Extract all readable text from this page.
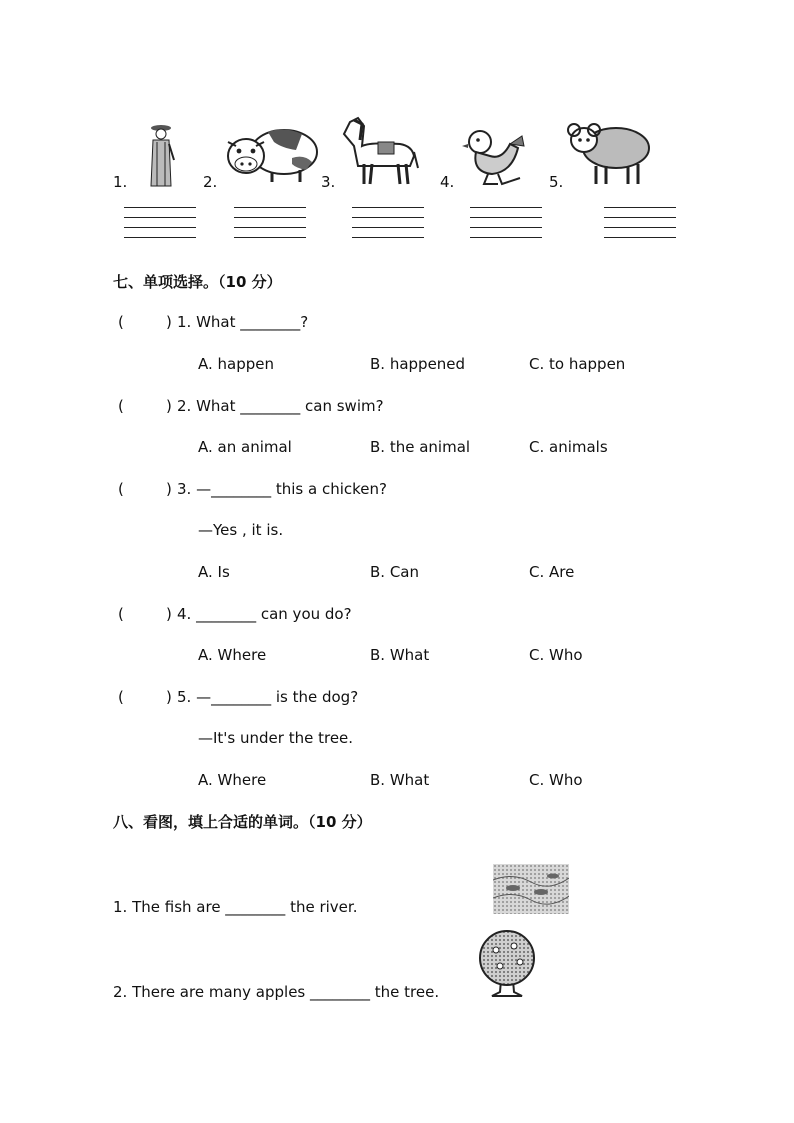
1.	2.	3.	4.	5.
七、单项选择。（10 分）
(	) 1. What ________?
A. happen	B. happened	C. to happen
(	) 2. What ________ can swim?
A. an animal	B. the animal	C. animals
(	) 3. —________ this a chicken?
—Yes , it is.
A. Is	B. Can	C. Are
(	) 4. ________ can you do?
A. Where	B. What	C. Who
(	) 5. —________ is the dog?
—It's under the tree.
A. Where	B. What	C. Who
八、看图，填上合适的单词。（10 分）
1. The fish are ________ the river.
2. There are many apples ________ the tree.
